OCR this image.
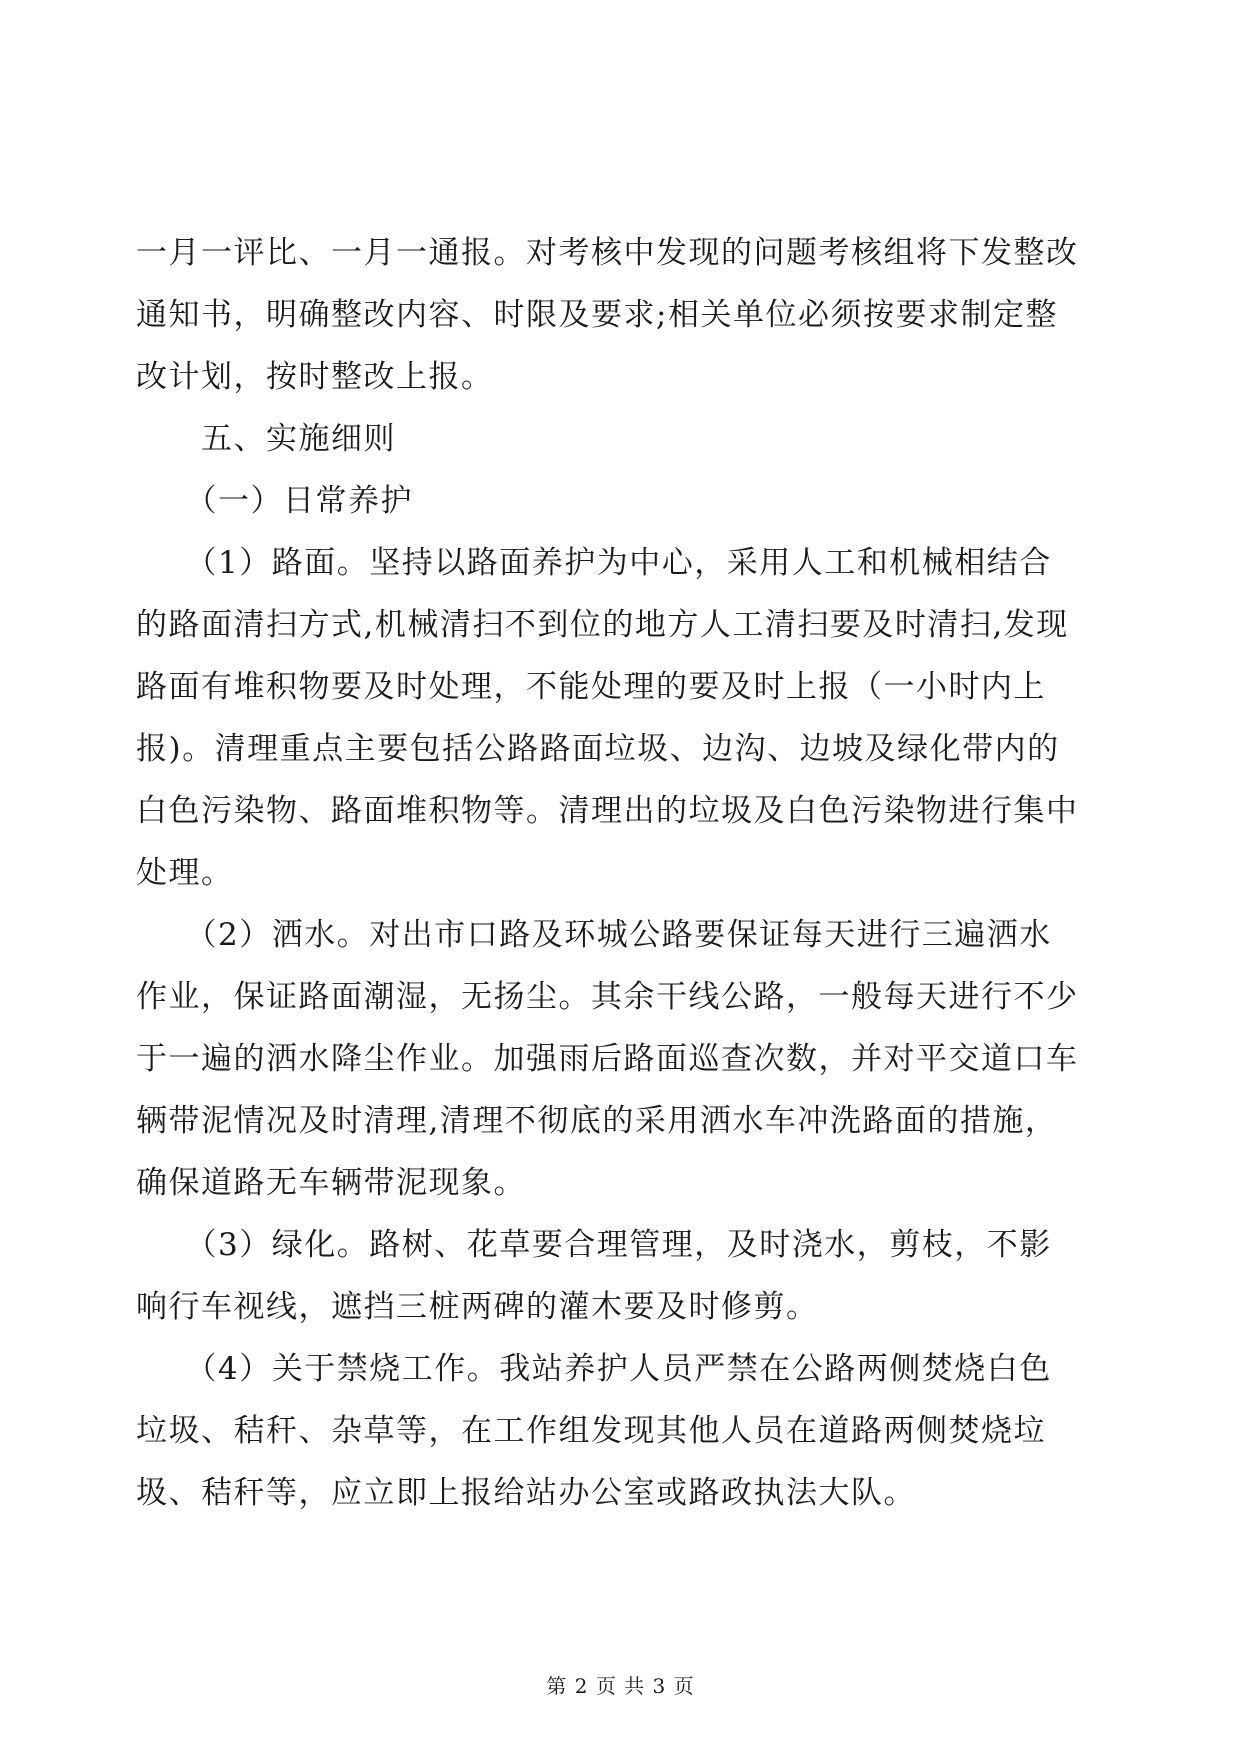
一月一评比、一月一通报。对考核中发现的问题考核组将下发整改通知书，明确整改内容、时限及要求;相关单位必须按要求制定整改计划，按时整改上报。

　　五、实施细则

　　（一）日常养护

　　（1）路面。坚持以路面养护为中心，采用人工和机械相结合的路面清扫方式,机械清扫不到位的地方人工清扫要及时清扫,发现路面有堆积物要及时处理，不能处理的要及时上报（一小时内上报)。清理重点主要包括公路路面垃圾、边沟、边坡及绿化带内的白色污染物、路面堆积物等。清理出的垃圾及白色污染物进行集中处理。

　　（2）洒水。对出市口路及环城公路要保证每天进行三遍洒水作业，保证路面潮湿，无扬尘。其余干线公路，一般每天进行不少于一遍的洒水降尘作业。加强雨后路面巡查次数，并对平交道口车辆带泥情况及时清理,清理不彻底的采用洒水车冲洗路面的措施，确保道路无车辆带泥现象。

　　（3）绿化。路树、花草要合理管理，及时浇水，剪枝，不影响行车视线，遮挡三桩两碑的灌木要及时修剪。

　　（4）关于禁烧工作。我站养护人员严禁在公路两侧焚烧白色垃圾、秸秆、杂草等，在工作组发现其他人员在道路两侧焚烧垃圾、秸秆等，应立即上报给站办公室或路政执法大队。

第 2 页 共 3 页
